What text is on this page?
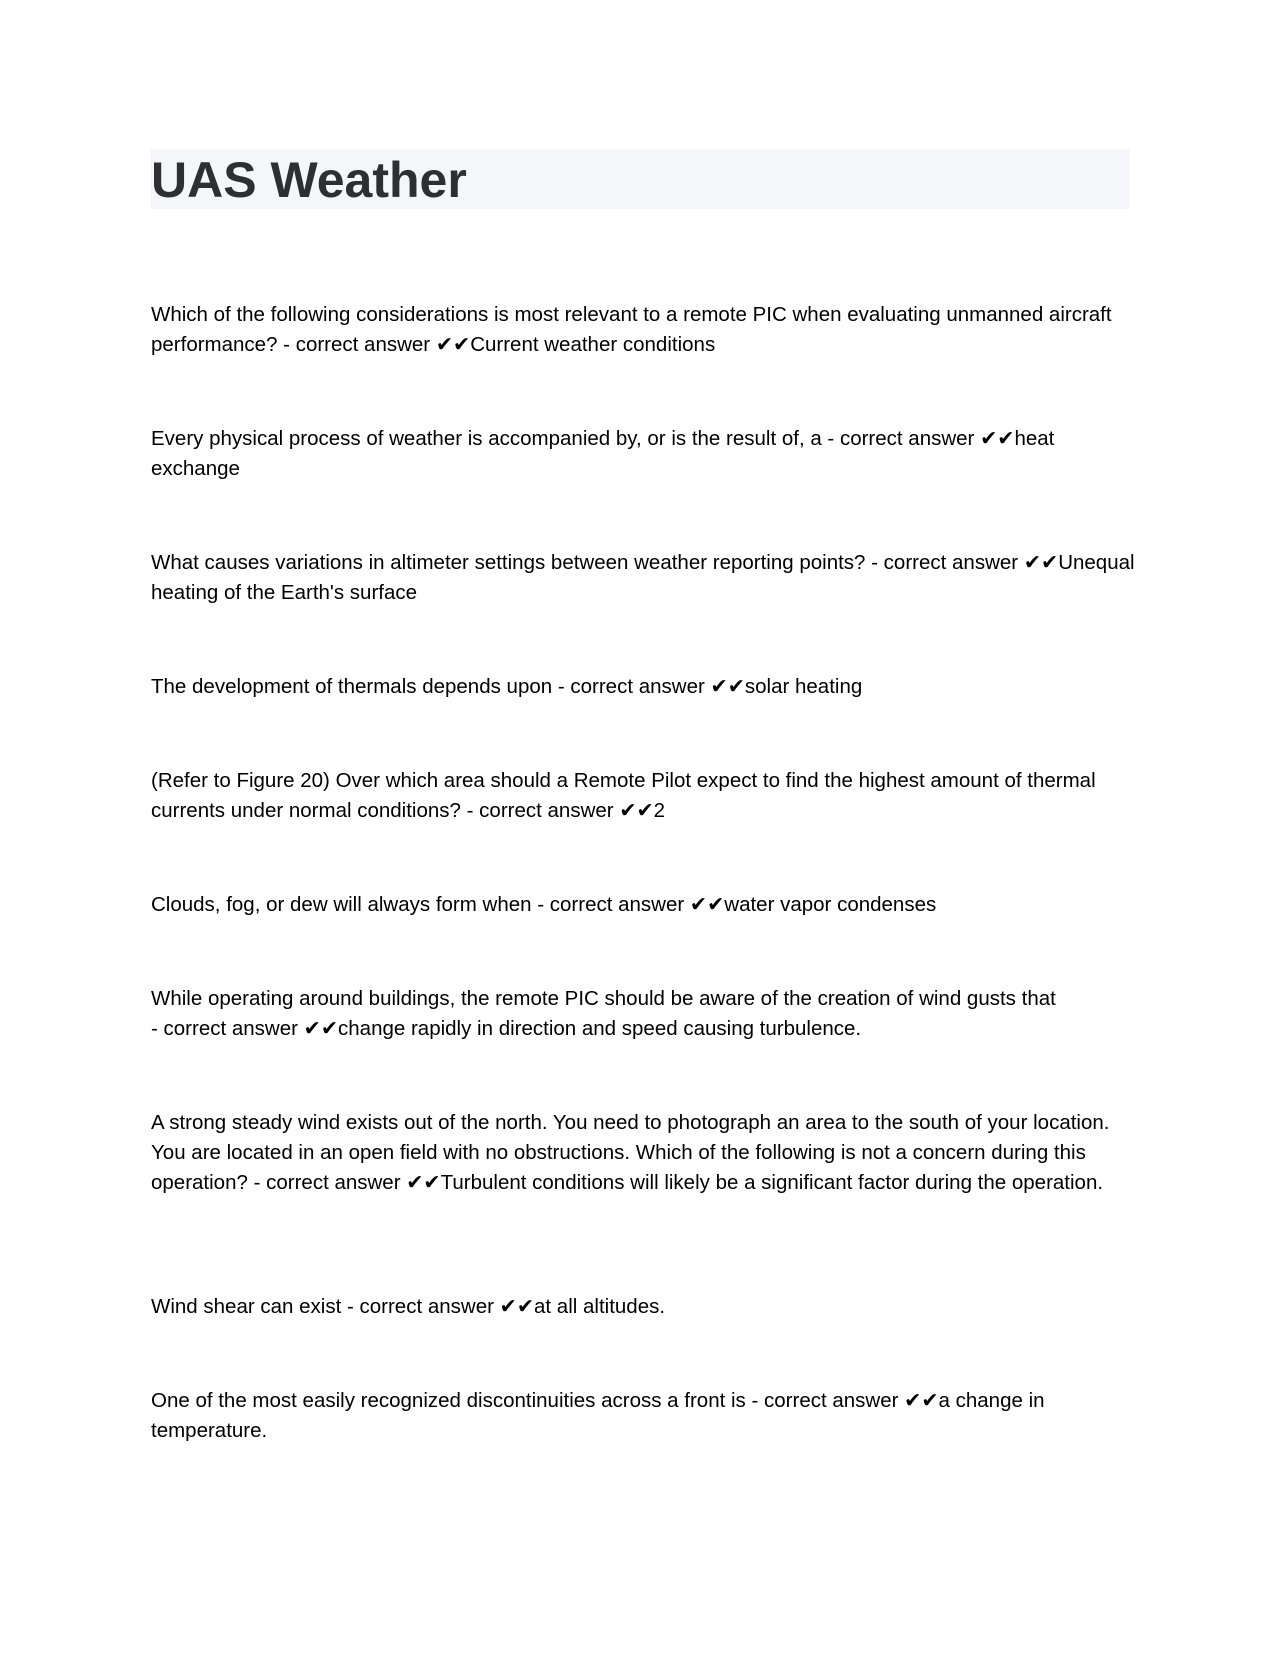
UAS Weather

Which of the following considerations is most relevant to a remote PIC when evaluating unmanned aircraft performance? - correct answer ✔✔Current weather conditions

Every physical process of weather is accompanied by, or is the result of, a - correct answer ✔✔heat exchange

What causes variations in altimeter settings between weather reporting points? - correct answer ✔✔Unequal heating of the Earth's surface

The development of thermals depends upon - correct answer ✔✔solar heating

(Refer to Figure 20) Over which area should a Remote Pilot expect to find the highest amount of thermal currents under normal conditions? - correct answer ✔✔2

Clouds, fog, or dew will always form when - correct answer ✔✔water vapor condenses

While operating around buildings, the remote PIC should be aware of the creation of wind gusts that - correct answer ✔✔change rapidly in direction and speed causing turbulence.

A strong steady wind exists out of the north. You need to photograph an area to the south of your location. You are located in an open field with no obstructions. Which of the following is not a concern during this operation? - correct answer ✔✔Turbulent conditions will likely be a significant factor during the operation.

Wind shear can exist - correct answer ✔✔at all altitudes.

One of the most easily recognized discontinuities across a front is - correct answer ✔✔a change in temperature.
